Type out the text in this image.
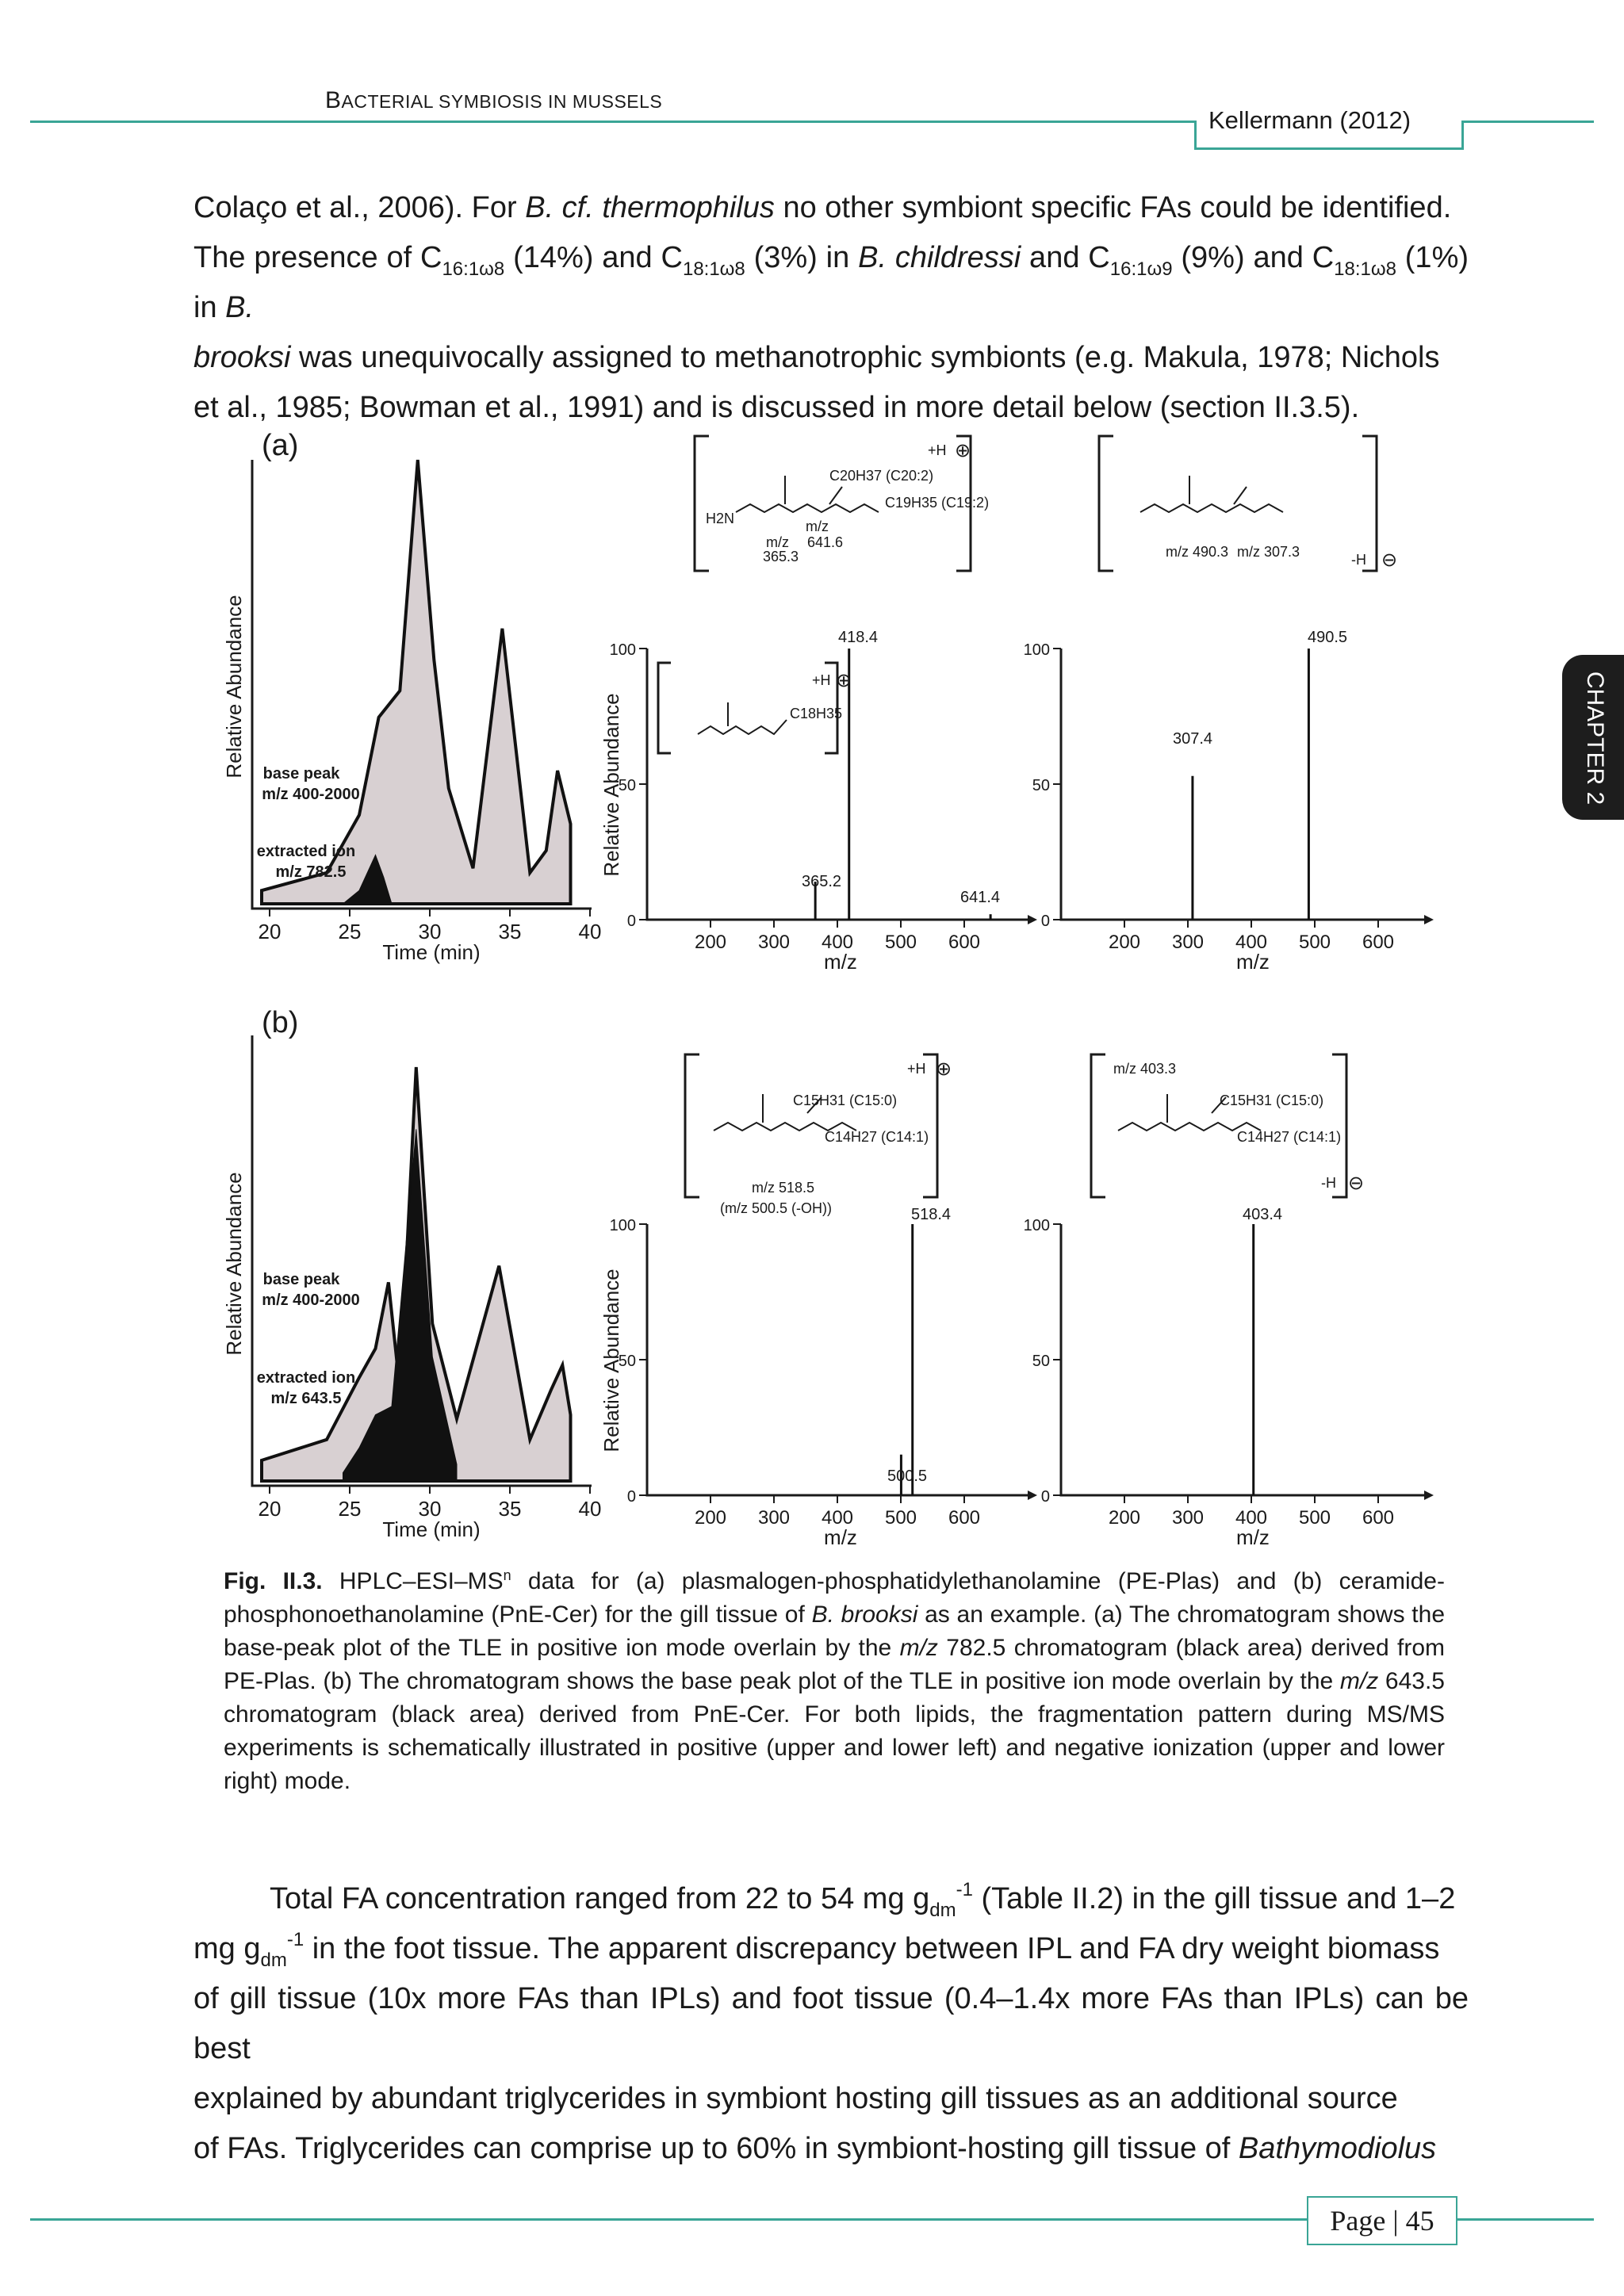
BACTERIAL SYMBIOSIS IN MUSSELS
Kellermann (2012)
CHAPTER 2

Colaço et al., 2006). For B. cf. thermophilus no other symbiont specific FAs could be identified.

The presence of $C_{16:1\omega 8}$ (14%) and $C_{18:1\omega 8}$ (3%) in B. childressi and $C_{16:1\omega 9}$ (9%) and $C_{18:1\omega 8}$ (1%) in B.

brooksi was unequivocally assigned to methanotrophic symbionts (e.g. Makula, 1978; Nichols

et al., 1985; Bowman et al., 1991) and is discussed in more detail below (section II.3.5).

20	25	30	35	40
20	25	30	35	40
200 300 400 500 600
0
50
100
200 300 400 500 600
0
50
100
200 300 400 500 600
0
50
100
200 300 400 500 600
0
50
100
(a)
(b)
Relative Abundance
Relative Abundance
Relative Abundance
Relative Abundance
Time (min)
Time (min)
m/z	m/z
m/z	m/z
base peak
m/z 400-2000
extracted ion
m/z 782.5
base peak
m/z 400-2000
extracted ion
m/z 643.5
418.4
365.2
641.4
490.5
307.4
518.4
500.5
403.4
+H ⊕
C20H37 (C20:2)
C19H35 (C19:2)
H2N
m/z
365.3
m/z
641.6
C18H35
+H ⊕
m/z 490.3 m/z 307.3	-H ⊖
+H ⊕
C15H31 (C15:0)
C14H27 (C14:1)
m/z 518.5
(m/z 500.5 (-OH))
m/z 403.3
C15H31 (C15:0)
C14H27 (C14:1)
-H ⊖

Fig. II.3. HPLC–$ESI-MS^n$ data for (a) plasmalogen-phosphatidylethanolamine (PE-Plas) and (b) ceramide-phosphonoethanolamine (PnE-Cer) for the gill tissue of B. brooksi as an example. (a) The chromatogram shows the base-peak plot of the TLE in positive ion mode overlain by the m/z 782.5 chromatogram (black area) derived from PE-Plas. (b) The chromatogram shows the base peak plot of the TLE in positive ion mode overlain by the m/z 643.5 chromatogram (black area) derived from PnE-Cer. For both lipids, the fragmentation pattern during MS/MS experiments is schematically illustrated in positive (upper and lower left) and negative ionization (upper and lower right) mode.

Total FA concentration ranged from 22 to 54 mg $g_{dm}^{-1}$ (Table II.2) in the gill tissue and 1–2

mg $g_{dm}^{-1}$ in the foot tissue. The apparent discrepancy between IPL and FA dry weight biomass

of gill tissue (10x more FAs than IPLs) and foot tissue (0.4–1.4x more FAs than IPLs) can be best

explained by abundant triglycerides in symbiont hosting gill tissues as an additional source

of FAs. Triglycerides can comprise up to 60% in symbiont-hosting gill tissue of Bathymodiolus

Page | 45
